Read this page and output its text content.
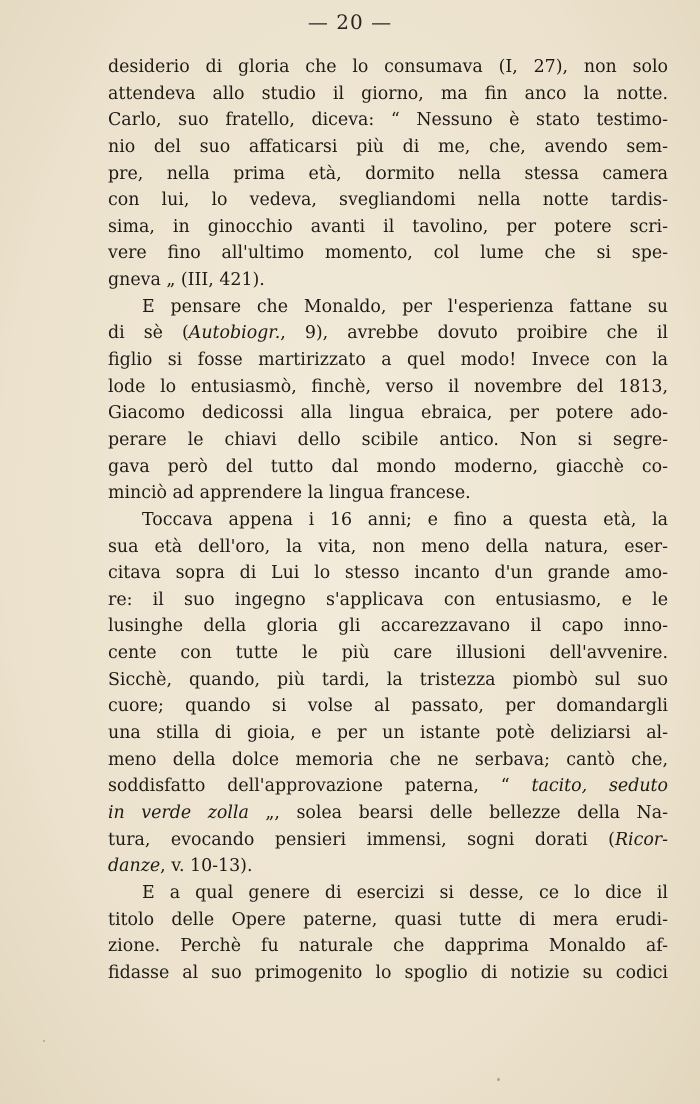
— 20 —
desiderio di gloria che lo consumava (I, 27), non solo
attendeva allo studio il giorno, ma fin anco la notte.
Carlo, suo fratello, diceva: “ Nessuno è stato testimo-
nio del suo affaticarsi più di me, che, avendo sem-
pre, nella prima età, dormito nella stessa camera
con lui, lo vedeva, svegliandomi nella notte tardis-
sima, in ginocchio avanti il tavolino, per potere scri-
vere fino all'ultimo momento, col lume che si spe-
gneva „ (III, 421).
E pensare che Monaldo, per l'esperienza fattane su
di sè (Autobiogr., 9), avrebbe dovuto proibire che il
figlio si fosse martirizzato a quel modo! Invece con la
lode lo entusiasmò, finchè, verso il novembre del 1813,
Giacomo dedicossi alla lingua ebraica, per potere ado-
perare le chiavi dello scibile antico. Non si segre-
gava però del tutto dal mondo moderno, giacchè co-
minciò ad apprendere la lingua francese.
Toccava appena i 16 anni; e fino a questa età, la
sua età dell'oro, la vita, non meno della natura, eser-
citava sopra di Lui lo stesso incanto d'un grande amo-
re: il suo ingegno s'applicava con entusiasmo, e le
lusinghe della gloria gli accarezzavano il capo inno-
cente con tutte le più care illusioni dell'avvenire.
Sicchè, quando, più tardi, la tristezza piombò sul suo
cuore; quando si volse al passato, per domandargli
una stilla di gioia, e per un istante potè deliziarsi al-
meno della dolce memoria che ne serbava; cantò che,
soddisfatto dell'approvazione paterna, “ tacito, seduto
in verde zolla „, solea bearsi delle bellezze della Na-
tura, evocando pensieri immensi, sogni dorati (Ricor-
danze, v. 10-13).
E a qual genere di esercizi si desse, ce lo dice il
titolo delle Opere paterne, quasi tutte di mera erudi-
zione. Perchè fu naturale che dapprima Monaldo af-
fidasse al suo primogenito lo spoglio di notizie su codici
